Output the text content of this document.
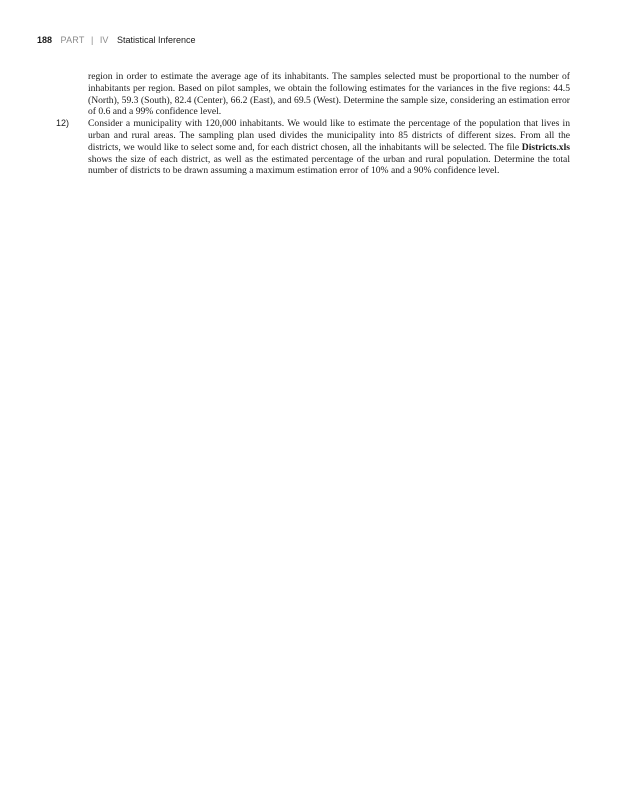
188 PART | IV Statistical Inference

region in order to estimate the average age of its inhabitants. The samples selected must be proportional to the number of inhabitants per region. Based on pilot samples, we obtain the following estimates for the variances in the five regions: 44.5 (North), 59.3 (South), 82.4 (Center), 66.2 (East), and 69.5 (West). Determine the sample size, considering an estimation error of 0.6 and a 99% confidence level.

12) Consider a municipality with 120,000 inhabitants. We would like to estimate the percentage of the population that lives in urban and rural areas. The sampling plan used divides the municipality into 85 districts of different sizes. From all the districts, we would like to select some and, for each district chosen, all the inhabitants will be selected. The file Districts.xls shows the size of each district, as well as the estimated percentage of the urban and rural population. Determine the total number of districts to be drawn assuming a maximum estimation error of 10% and a 90% confidence level.
